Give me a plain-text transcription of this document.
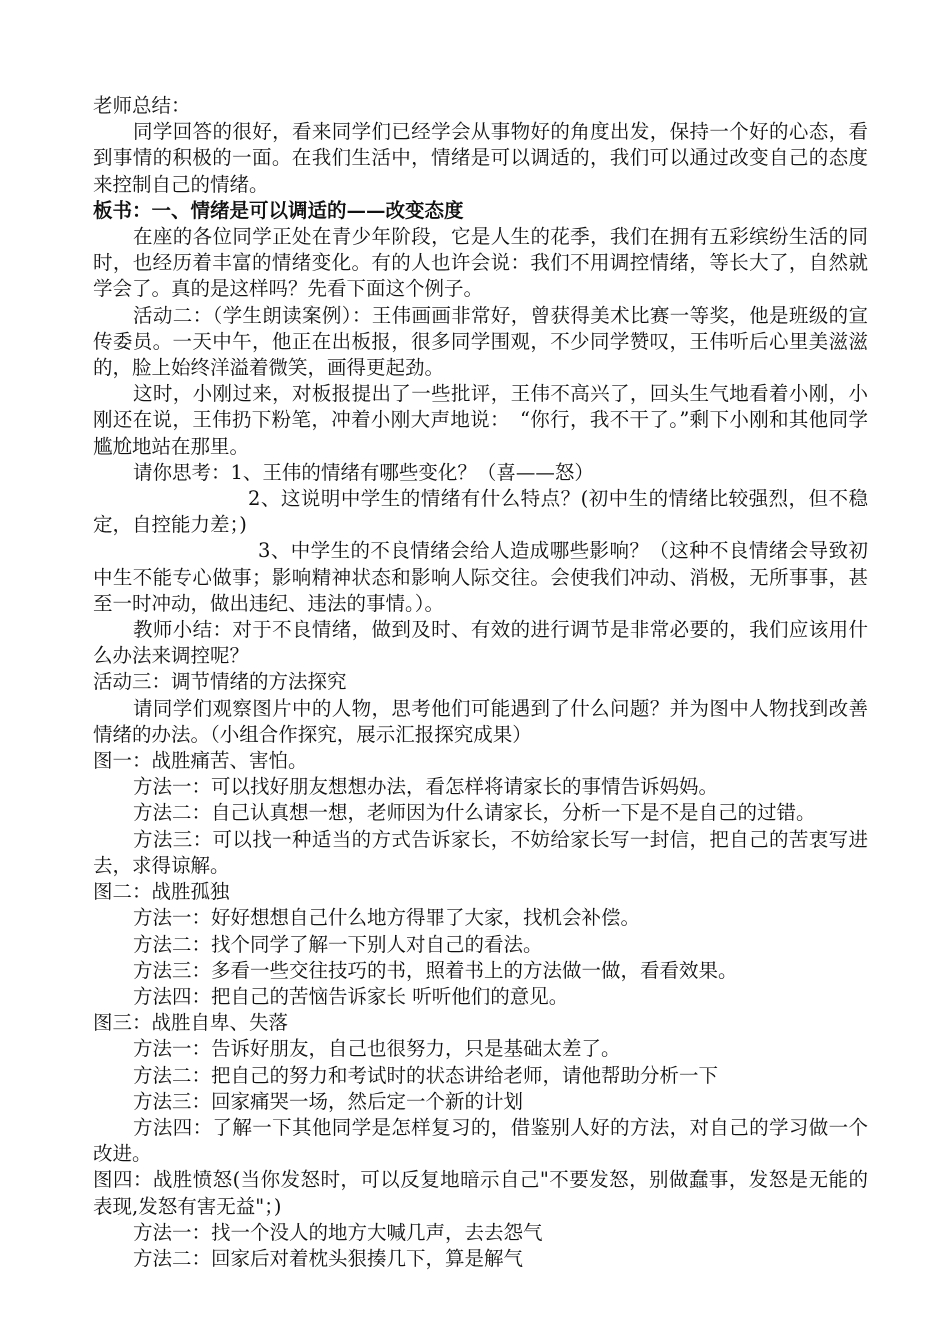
老师总结：

同学回答的很好，看来同学们已经学会从事物好的角度出发，保持一个好的心态，看到事情的积极的一面。在我们生活中，情绪是可以调适的，我们可以通过改变自己的态度来控制自己的情绪。

板书：一、情绪是可以调适的——改变态度

在座的各位同学正处在青少年阶段，它是人生的花季，我们在拥有五彩缤纷生活的同时，也经历着丰富的情绪变化。有的人也许会说：我们不用调控情绪，等长大了，自然就学会了。真的是这样吗？先看下面这个例子。

活动二：（学生朗读案例）：王伟画画非常好，曾获得美术比赛一等奖，他是班级的宣传委员。一天中午，他正在出板报，很多同学围观，不少同学赞叹，王伟听后心里美滋滋的，脸上始终洋溢着微笑，画得更起劲。

这时，小刚过来，对板报提出了一些批评，王伟不高兴了，回头生气地看着小刚，小刚还在说，王伟扔下粉笔，冲着小刚大声地说：　“你行，我不干了。”剩下小刚和其他同学尴尬地站在那里。

请你思考：1、王伟的情绪有哪些变化？（喜——怒）

2、这说明中学生的情绪有什么特点？(初中生的情绪比较强烈，但不稳定，自控能力差；)

3、中学生的不良情绪会给人造成哪些影响？（这种不良情绪会导致初中生不能专心做事；影响精神状态和影响人际交往。会使我们冲动、消极，无所事事，甚至一时冲动，做出违纪、违法的事情。）。

教师小结：对于不良情绪，做到及时、有效的进行调节是非常必要的，我们应该用什么办法来调控呢？

活动三：调节情绪的方法探究

请同学们观察图片中的人物，思考他们可能遇到了什么问题？并为图中人物找到改善情绪的办法。（小组合作探究，展示汇报探究成果）

图一：战胜痛苦、害怕。

方法一：可以找好朋友想想办法，看怎样将请家长的事情告诉妈妈。

方法二：自己认真想一想，老师因为什么请家长，分析一下是不是自己的过错。

方法三：可以找一种适当的方式告诉家长，不妨给家长写一封信，把自己的苦衷写进去，求得谅解。

图二：战胜孤独

方法一：好好想想自己什么地方得罪了大家，找机会补偿。

方法二：找个同学了解一下别人对自己的看法。

方法三：多看一些交往技巧的书，照着书上的方法做一做，看看效果。

方法四：把自己的苦恼告诉家长 听听他们的意见。

图三：战胜自卑、失落

方法一：告诉好朋友，自己也很努力，只是基础太差了。

方法二：把自己的努力和考试时的状态讲给老师，请他帮助分析一下

方法三：回家痛哭一场，然后定一个新的计划

方法四：了解一下其他同学是怎样复习的，借鉴别人好的方法，对自己的学习做一个改进。

图四：战胜愤怒(当你发怒时，可以反复地暗示自己"不要发怒，别做蠢事，发怒是无能的表现,发怒有害无益"；)

方法一：找一个没人的地方大喊几声，去去怨气

方法二：回家后对着枕头狠揍几下，算是解气
